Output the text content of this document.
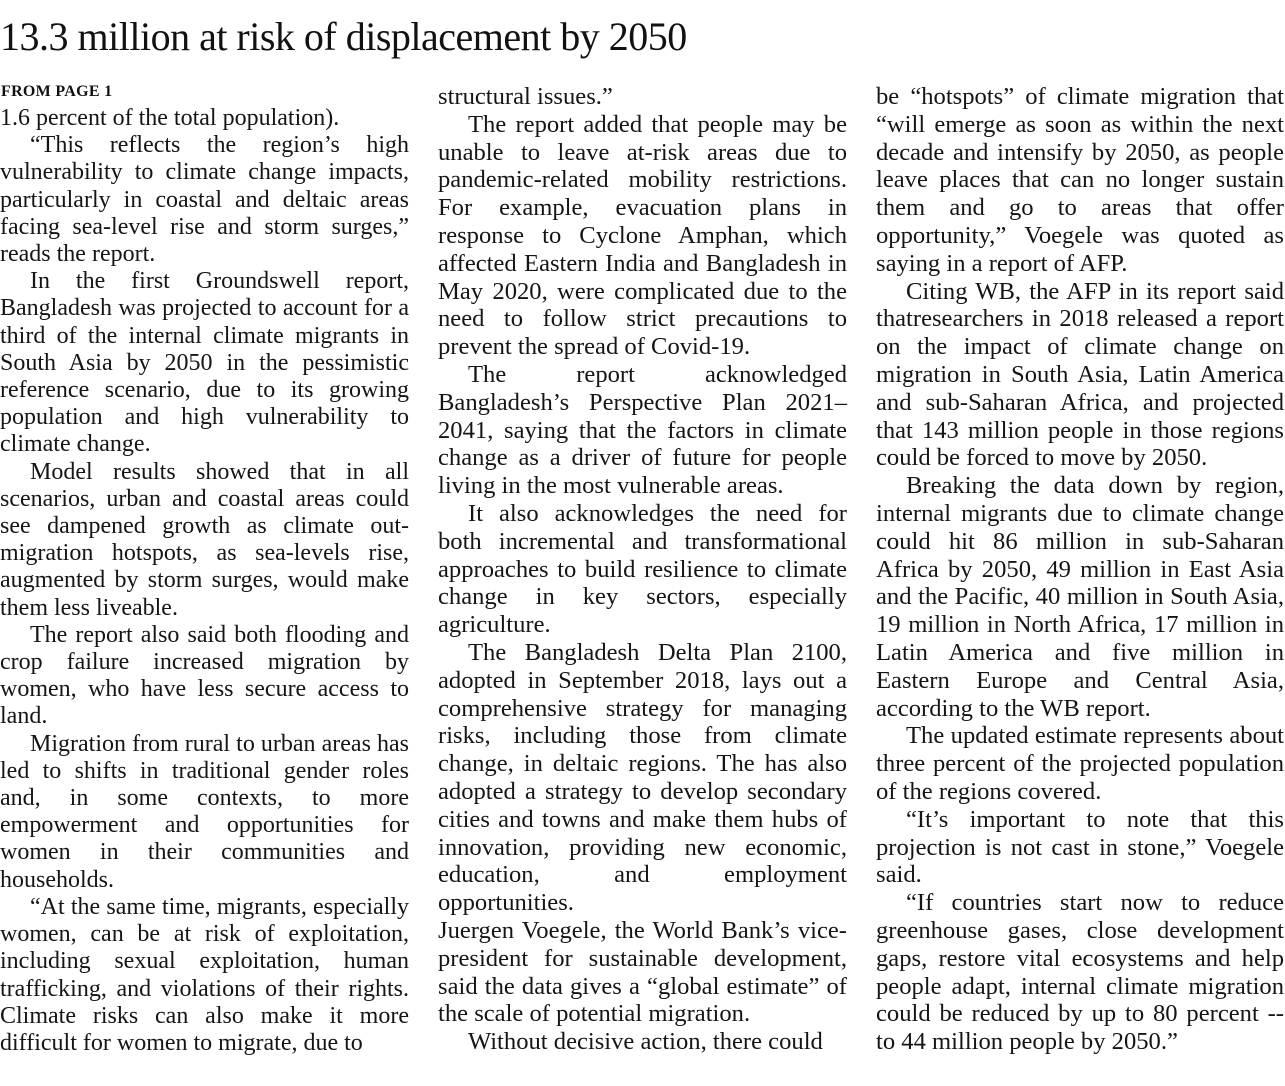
13.3 million at risk of displacement by 2050
FROM PAGE 1

1.6 percent of the total population).

“This reflects the region’s high vulnerability to climate change impacts, particularly in coastal and deltaic areas facing sea-level rise and storm surges,” reads the report.

In the first Groundswell report, Bangladesh was projected to account for a third of the internal climate migrants in South Asia by 2050 in the pessimistic reference scenario, due to its growing population and high vulnerability to climate change.

Model results showed that in all scenarios, urban and coastal areas could see dampened growth as climate out-migration hotspots, as sea-levels rise, augmented by storm surges, would make them less liveable.

The report also said both flooding and crop failure increased migration by women, who have less secure access to land.

Migration from rural to urban areas has led to shifts in traditional gender roles and, in some contexts, to more empowerment and opportunities for women in their communities and households.

“At the same time, migrants, especially women, can be at risk of exploitation, including sexual exploitation, human trafficking, and violations of their rights. Climate risks can also make it more difficult for women to migrate, due to

structural issues.”

The report added that people may be unable to leave at-risk areas due to pandemic-related mobility restrictions. For example, evacuation plans in response to Cyclone Amphan, which affected Eastern India and Bangladesh in May 2020, were complicated due to the need to follow strict precautions to prevent the spread of Covid-19.

The report acknowledged Bangladesh’s Perspective Plan 2021–2041, saying that the factors in climate change as a driver of future for people living in the most vulnerable areas.

It also acknowledges the need for both incremental and transformational approaches to build resilience to climate change in key sectors, especially agriculture.

The Bangladesh Delta Plan 2100, adopted in September 2018, lays out a comprehensive strategy for managing risks, including those from climate change, in deltaic regions. The has also adopted a strategy to develop secondary cities and towns and make them hubs of innovation, providing new economic, education, and employment opportunities.

Juergen Voegele, the World Bank’s vice-president for sustainable development, said the data gives a “global estimate” of the scale of potential migration.

Without decisive action, there could

be “hotspots” of climate migration that “will emerge as soon as within the next decade and intensify by 2050, as people leave places that can no longer sustain them and go to areas that offer opportunity,” Voegele was quoted as saying in a report of AFP.

Citing WB, the AFP in its report said thatresearchers in 2018 released a report on the impact of climate change on migration in South Asia, Latin America and sub-Saharan Africa, and projected that 143 million people in those regions could be forced to move by 2050.

Breaking the data down by region, internal migrants due to climate change could hit 86 million in sub-Saharan Africa by 2050, 49 million in East Asia and the Pacific, 40 million in South Asia, 19 million in North Africa, 17 million in Latin America and five million in Eastern Europe and Central Asia, according to the WB report.

The updated estimate represents about three percent of the projected population of the regions covered.

“It’s important to note that this projection is not cast in stone,” Voegele said.

“If countries start now to reduce greenhouse gases, close development gaps, restore vital ecosystems and help people adapt, internal climate migration could be reduced by up to 80 percent -- to 44 million people by 2050.”
